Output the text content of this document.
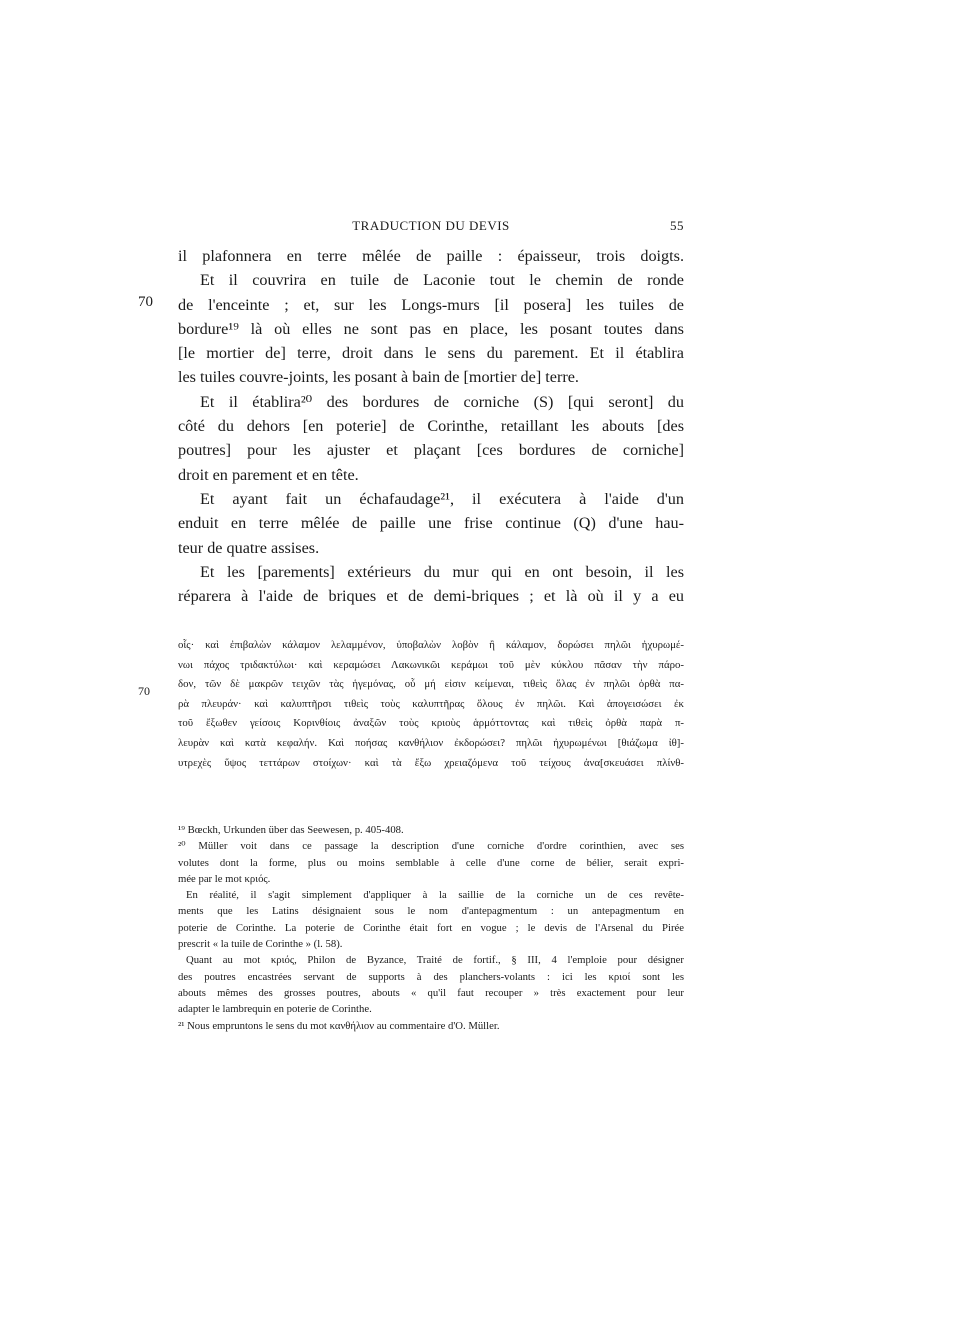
TRADUCTION DU DEVIS	55
il plafonnera en terre mêlée de paille : épaisseur, trois doigts.
Et il couvrira en tuile de Laconie tout le chemin de ronde
de l'enceinte ; et, sur les Longs-murs [il posera] les tuiles de
bordure¹⁹ là où elles ne sont pas en place, les posant toutes dans
[le mortier de] terre, droit dans le sens du parement. Et il établira
les tuiles couvre-joints, les posant à bain de [mortier de] terre.
Et il établira²⁰ des bordures de corniche (S) [qui seront] du
côté du dehors [en poterie] de Corinthe, retaillant les abouts [des
poutres] pour les ajuster et plaçant [ces bordures de corniche]
droit en parement et en tête.
Et ayant fait un échafaudage²¹, il exécutera à l'aide d'un
enduit en terre mêlée de paille une frise continue (Q) d'une hau-
teur de quatre assises.
Et les [parements] extérieurs du mur qui en ont besoin, il les
réparera à l'aide de briques et de demi-briques ; et là où il y a eu
70
οἷς· καὶ ἐπιβαλὼν κάλαμον λελαμμένον, ὑποβαλὼν λοβὸν ἢ κάλαμον, δορώσει πηλῶι ἠχυρωμέ-
νωι πάχος τριδακτύλωι· καὶ κεραμώσει Λακωνικῶι κεράμωι τοῦ μὲν κύκλου πᾶσαν τὴν πάρο-
δον, τῶν δὲ μακρῶν τειχῶν τὰς ἡγεμόνας, οὗ μή εἰσιν κείμεναι, τιθεὶς ὅλας ἐν πηλῶι ὀρθὰ πα-
ρὰ πλευράν· καὶ καλυπτῆρσι τιθεὶς τοὺς καλυπτῆρας ὅλους ἐν πηλῶι. Καὶ ἀπογεισώσει ἐκ
τοῦ ἔξωθεν γείσοις Κορινθίοις ἀναξῶν τοὺς κριοὺς ἁρμόττοντας καὶ τιθεὶς ὀρθὰ παρὰ π-
λευρὰν καὶ κατὰ κεφαλήν. Καὶ ποήσας κανθήλιον ἐκδορώσει? πηλῶι ἠχυρωμένωι [θιάζωμα ἰθ]-
υτρεχὲς ὕψος τεττάρων στοίχων· καὶ τὰ ἔξω χρειαζόμενα τοῦ τείχους ἀνα[σκευάσει πλίνθ-
70
¹⁹ Bœckh, Urkunden über das Seewesen, p. 405-408.
²⁰ Müller voit dans ce passage la description d'une corniche d'ordre corinthien, avec ses
volutes dont la forme, plus ou moins semblable à celle d'une corne de bélier, serait expri-
mée par le mot κριός.
En réalité, il s'agit simplement d'appliquer à la saillie de la corniche un de ces revête-
ments que les Latins désignaient sous le nom d'antepagmentum : un antepagmentum en
poterie de Corinthe. La poterie de Corinthe était fort en vogue ; le devis de l'Arsenal du Pirée
prescrit « la tuile de Corinthe » (l. 58).
Quant au mot κριός, Philon de Byzance, Traité de fortif., § III, 4 l'emploie pour désigner
des poutres encastrées servant de supports à des planchers-volants : ici les κριοί sont les
abouts mêmes des grosses poutres, abouts « qu'il faut recouper » très exactement pour leur
adapter le lambrequin en poterie de Corinthe.
²¹ Nous empruntons le sens du mot κανθήλιον au commentaire d'O. Müller.
